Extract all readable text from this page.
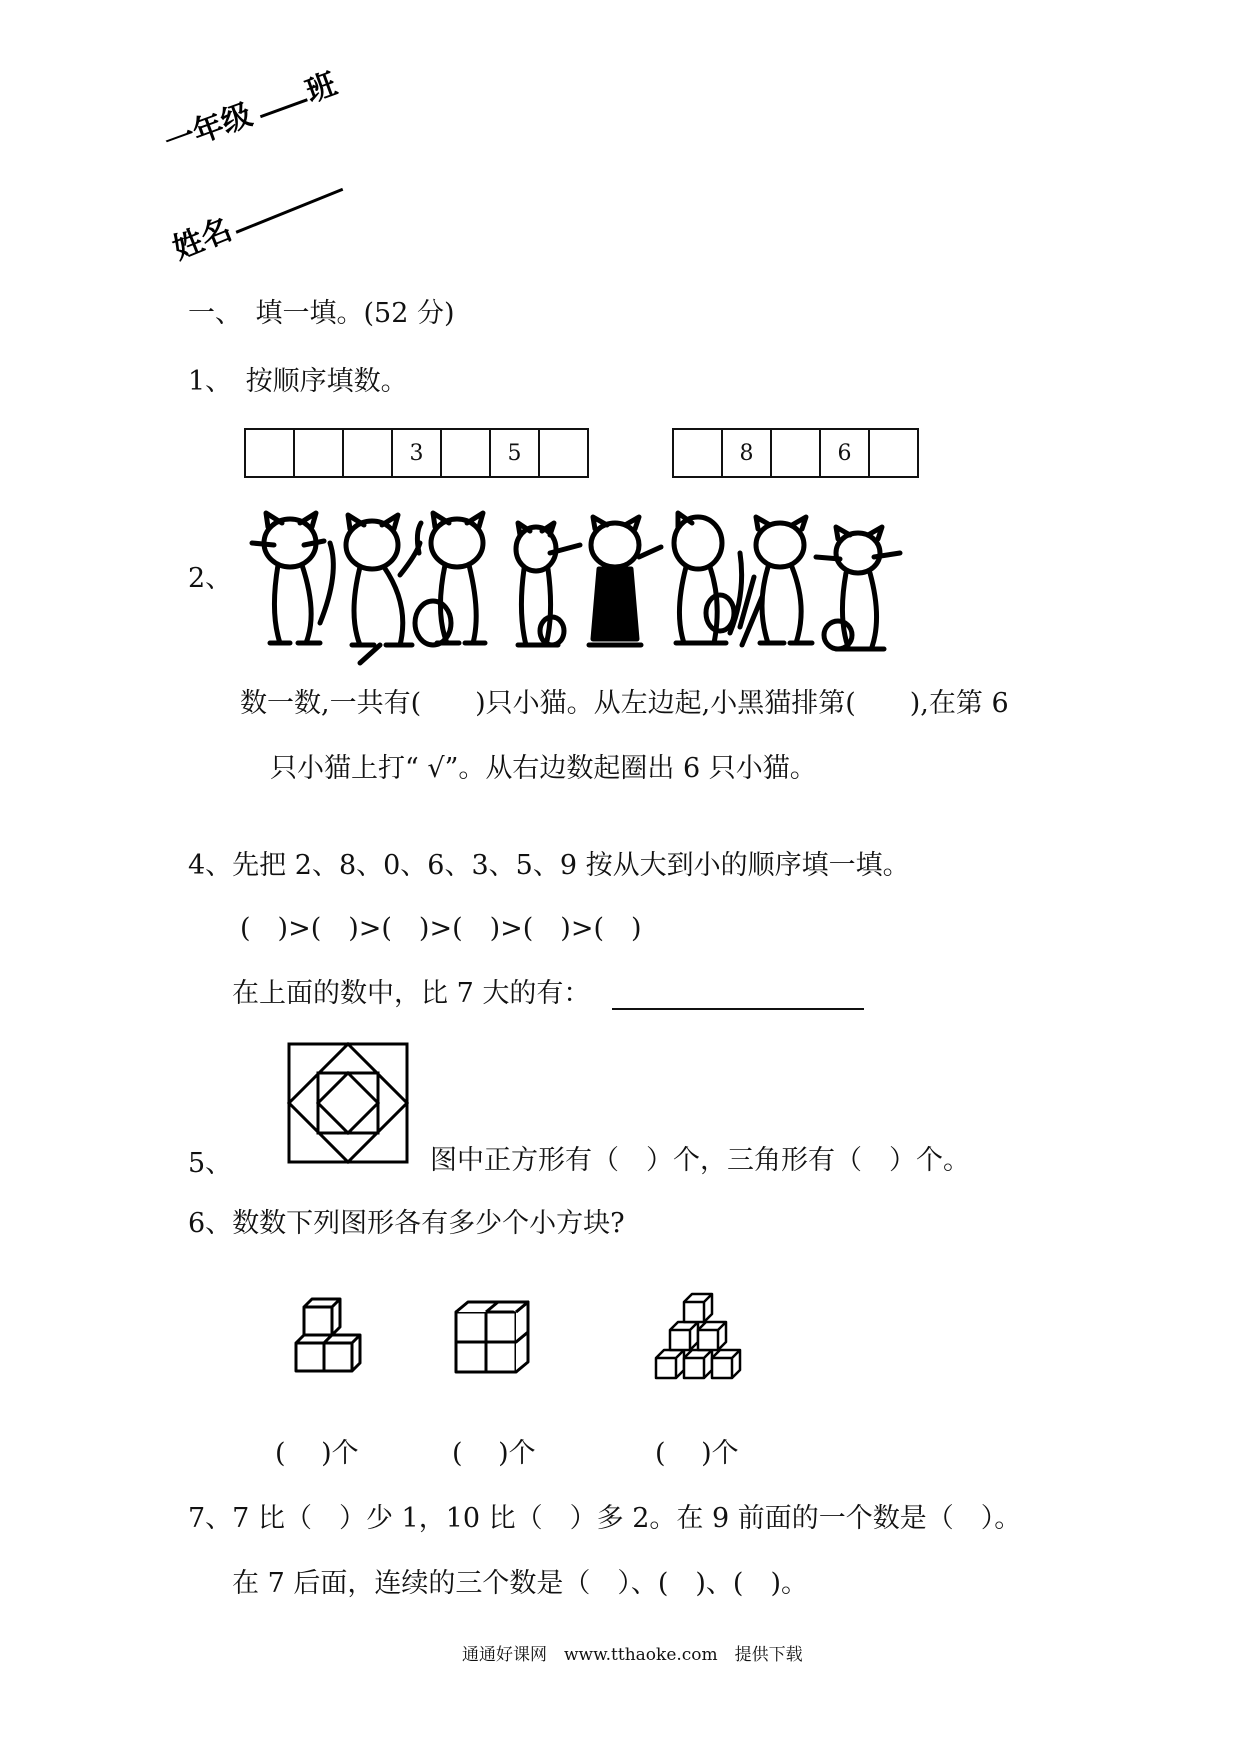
一年级
班
姓名
一、　填一填。(52 分)
1、　按顺序填数。
3	5	8	6
2、
数一数,一共有(　　)只小猫。从左边起,小黑猫排第(　　),在第 6
只小猫上打“ √”。从右边数起圈出 6 只小猫。
4、先把 2、8、0、6、3、5、9 按从大到小的顺序填一填。
(　)>(　)>(　)>(　)>(　)>(　)
在上面的数中，比 7 大的有：
5、	图中正方形有（　）个，三角形有（　）个。
6、数数下列图形各有多少个小方块?
(　 )个	(　 )个	(　 )个
7、7 比（　）少 1，10 比（　）多 2。在 9 前面的一个数是（　）。
在 7 后面，连续的三个数是（　）、(　)、(　)。
通通好课网　www.tthaoke.com　提供下载
